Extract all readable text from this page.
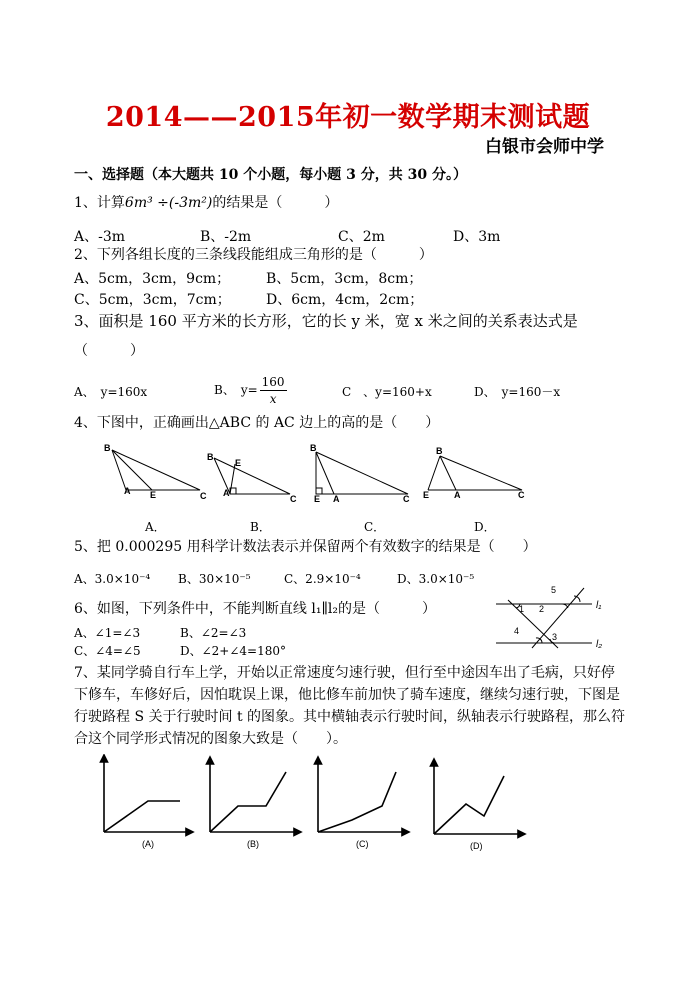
2014——2015年初一数学期末测试题
白银市会师中学
一、选择题（本大题共 10 个小题，每小题 3 分，共 30 分。）
1、计算6m³ ÷(-3m²)的结果是（　　　）
A、-3m	B、-2m	C、2m	D、3m
2、下列各组长度的三条线段能组成三角形的是（　　　）
A、5cm，3cm，9cm；	B、5cm，3cm，8cm；
C、5cm，3cm，7cm；	D、6cm，4cm，2cm；
3、面积是 160 平方米的长方形，它的长 y 米，宽 x 米之间的关系表达式是
（　　　）
A、　y=160x	B、　$y= \frac{160}{x}$	C　、y=160+x	D、　y=160－x
4、下图中，正确画出△ABC 的 AC 边上的高的是（　　）
B
A E	C
B
E
A
C
B
E A	C
B
E	A	C
A．	B．	C．	D．
5、把 0.000295 用科学计数法表示并保留两个有效数字的结果是（　　）
A、3.0×10⁻⁴ B、30×10⁻⁵	C、2.9×10⁻⁴	D、3.0×10⁻⁵
6、如图，下列条件中，不能判断直线 l₁∥l₂的是（　　　）
A、∠1=∠3	B、∠2=∠3
C、∠4=∠5	D、∠2+∠4=180°
1 2
5
4
3
l₁
l₂
7、某同学骑自行车上学，开始以正常速度匀速行驶，但行至中途因车出了毛病，只好停
下修车，车修好后，因怕耽误上课，他比修车前加快了骑车速度，继续匀速行驶，下图是
行驶路程 S 关于行驶时间 t 的图象。其中横轴表示行驶时间，纵轴表示行驶路程，那么符
合这个同学形式情况的图象大致是（　　）。
(A)	(B)	(C)	(D)
